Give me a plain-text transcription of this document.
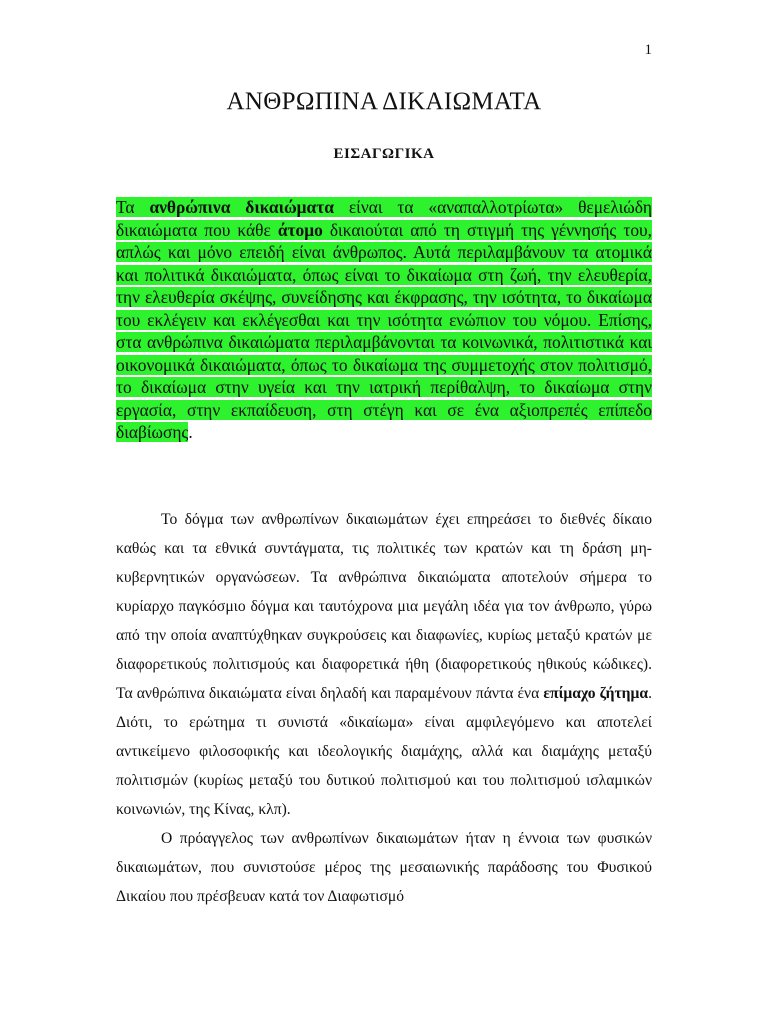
1
ΑΝΘΡΩΠΙΝΑ ΔΙΚΑΙΩΜΑΤΑ
ΕΙΣΑΓΩΓΙΚΑ
Τα ανθρώπινα δικαιώματα είναι τα «αναπαλλοτρίωτα» θεμελιώδη δικαιώματα που κάθε άτομο δικαιούται από τη στιγμή της γέννησής του, απλώς και μόνο επειδή είναι άνθρωπος. Αυτά περιλαμβάνουν τα ατομικά και πολιτικά δικαιώματα, όπως είναι το δικαίωμα στη ζωή, την ελευθερία, την ελευθερία σκέψης, συνείδησης και έκφρασης, την ισότητα, το δικαίωμα του εκλέγειν και εκλέγεσθαι και την ισότητα ενώπιον του νόμου. Επίσης, στα ανθρώπινα δικαιώματα περιλαμβάνονται τα κοινωνικά, πολιτιστικά και οικονομικά δικαιώματα, όπως το δικαίωμα της συμμετοχής στον πολιτισμό, το δικαίωμα στην υγεία και την ιατρική περίθαλψη, το δικαίωμα στην εργασία, στην εκπαίδευση, στη στέγη και σε ένα αξιοπρεπές επίπεδο διαβίωσης.

Το δόγμα των ανθρωπίνων δικαιωμάτων έχει επηρεάσει το διεθνές δίκαιο καθώς και τα εθνικά συντάγματα, τις πολιτικές των κρατών και τη δράση μη-κυβερνητικών οργανώσεων. Τα ανθρώπινα δικαιώματα αποτελούν σήμερα το κυρίαρχο παγκόσμιο δόγμα και ταυτόχρονα μια μεγάλη ιδέα για τον άνθρωπο, γύρω από την οποία αναπτύχθηκαν συγκρούσεις και διαφωνίες, κυρίως μεταξύ κρατών με διαφορετικούς πολιτισμούς και διαφορετικά ήθη (διαφορετικούς ηθικούς κώδικες). Τα ανθρώπινα δικαιώματα είναι δηλαδή και παραμένουν πάντα ένα επίμαχο ζήτημα. Διότι, το ερώτημα τι συνιστά «δικαίωμα» είναι αμφιλεγόμενο και αποτελεί αντικείμενο φιλοσοφικής και ιδεολογικής διαμάχης, αλλά και διαμάχης μεταξύ πολιτισμών (κυρίως μεταξύ του δυτικού πολιτισμού και του πολιτισμού ισλαμικών κοινωνιών, της Κίνας, κλπ).

Ο πρόαγγελος των ανθρωπίνων δικαιωμάτων ήταν η έννοια των φυσικών δικαιωμάτων, που συνιστούσε μέρος της μεσαιωνικής παράδοσης του Φυσικού Δικαίου που πρέσβευαν κατά τον Διαφωτισμό
